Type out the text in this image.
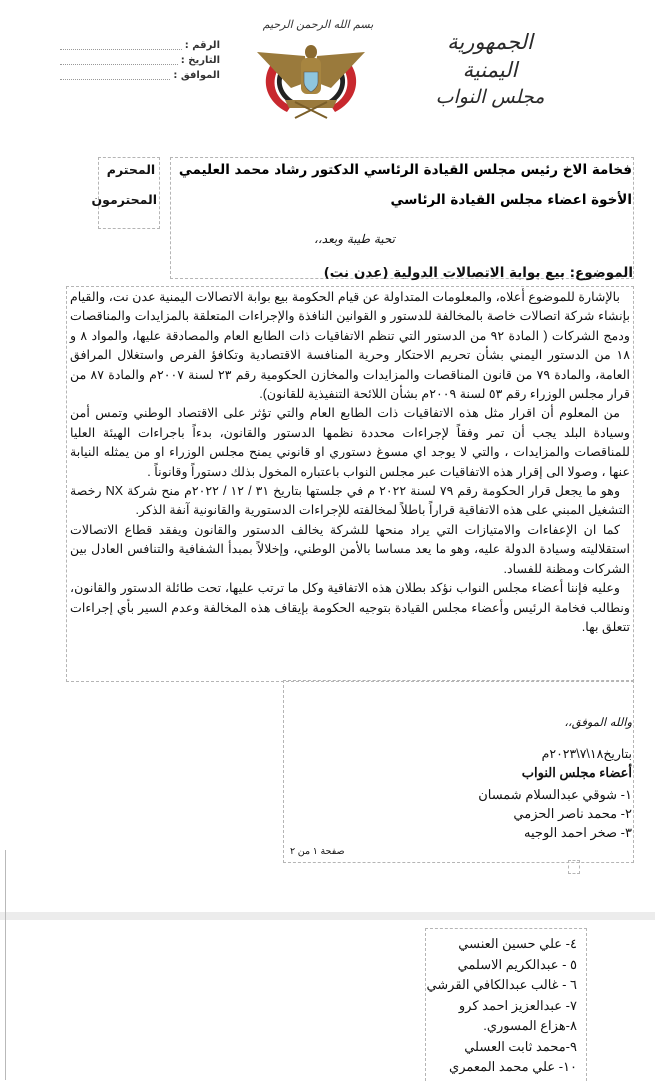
الجمهورية اليمنية
مجلس النواب
بسم الله الرحمن الرحيم
الرقم :
التاريخ :
الموافق :
فخامة الاخ رئيس مجلس القيادة الرئاسي الدكتور رشاد محمد العليمي
الأخوة اعضاء مجلس القيادة الرئاسي
المحترم
المحترمون
تحية طيبة وبعد،،
الموضوع: بيع بوابة الاتصالات الدولية (عدن نت)

بالإشارة للموضوع أعلاه، والمعلومات المتداولة عن قيام الحكومة بيع بوابة الاتصالات اليمنية عدن نت، والقيام بإنشاء شركة اتصالات خاصة بالمخالفة للدستور و القوانين النافذة والإجراءات المتعلقة بالمزايدات والمناقصات ودمج الشركات ( المادة ٩٢ من الدستور التي تنظم الاتفاقيات ذات الطابع العام والمصادقة عليها، والمواد ٨ و ١٨ من الدستور اليمني بشأن تحريم الاحتكار وحرية المنافسة الاقتصادية وتكافؤ الفرص واستغلال المرافق العامة، والمادة ٧٩ من قانون المناقصات والمزايدات والمخازن الحكومية رقم ٢٣ لسنة ٢٠٠٧م والمادة ٨٧ من قرار مجلس الوزراء رقم ٥٣ لسنة ٢٠٠٩م بشأن اللائحة التنفيذية للقانون).

من المعلوم أن اقرار مثل هذه الاتفاقيات ذات الطابع العام والتي تؤثر على الاقتصاد الوطني وتمس أمن وسيادة البلد يجب أن تمر وفقاً لإجراءات محددة نظمها الدستور والقانون، بدءاً باجراءات الهيئة العليا للمناقصات والمزايدات ، والتي لا يوجد اي مسوغ دستوري او قانوني يمنح مجلس الوزراء او من يمثله النيابة عنها ، وصولا الى إقرار هذه الاتفاقيات عبر مجلس النواب باعتباره المخول بذلك دستوراً وقانوناً .

وهو ما يجعل قرار الحكومة رقم ٧٩ لسنة ٢٠٢٢ م في جلستها بتاريخ ٣١ / ١٢ / ٢٠٢٢م منح شركة NX رخصة التشغيل المبني على هذه الاتفاقية قراراً باطلاً لمخالفته للإجراءات الدستورية والقانونية آنفة الذكر.

كما ان الإعفاءات والامتيازات التي يراد منحها للشركة يخالف الدستور والقانون ويفقد قطاع الاتصالات استقلاليته وسيادة الدولة عليه، وهو ما يعد مساسا بالأمن الوطني، وإخلالاً بمبدأ الشفافية والتنافس العادل بين الشركات ومظنة للفساد.

وعليه فإننا أعضاء مجلس النواب نؤكد بطلان هذه الاتفاقية وكل ما ترتب عليها، تحت طائلة الدستور والقانون، ونطالب فخامة الرئيس وأعضاء مجلس القيادة بتوجيه الحكومة بإيقاف هذه المخالفة وعدم السير بأي إجراءات تتعلق بها.

والله الموفق،،
بتاريخ١٨\٧\٢٠٢٣م
أعضاء مجلس النواب
١- شوقي عبدالسلام شمسان
٢- محمد ناصر الحزمي
٣- صخر احمد الوجيه
صفحة ١ من ٢
٤- علي حسين العنسي
٥ - عبدالكريم الاسلمي
٦ - غالب عبدالكافي القرشي
٧- عبدالعزيز احمد كرو
٨-هزاع المسوري.
٩-محمد ثابت العسلي
١٠- علي محمد المعمري
